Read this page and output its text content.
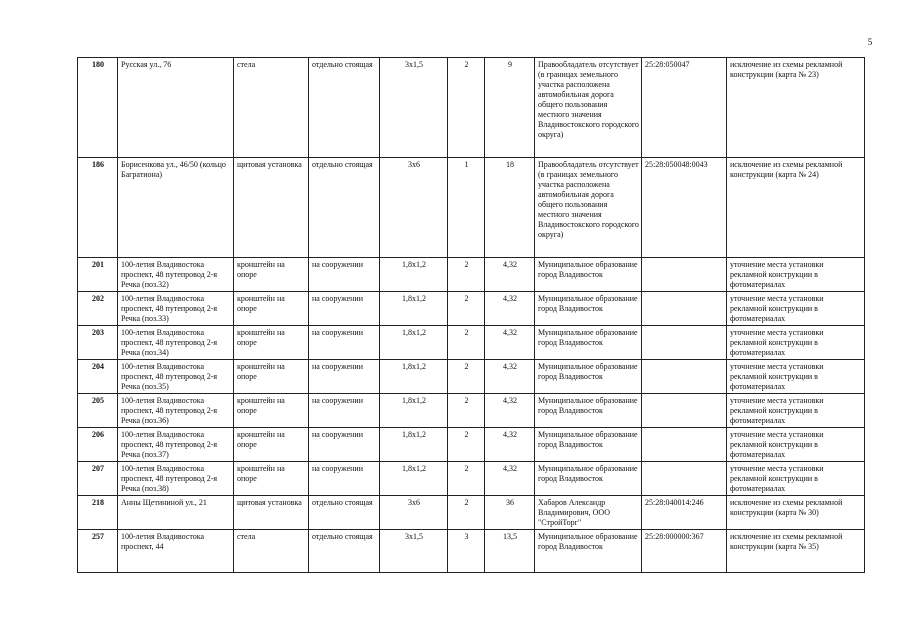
5
180	Русская ул., 76	стела	отдельно стоящая	3х1,5	2	9	Правообладатель отсутствует (в границах земельного участка расположена автомобильная дорога общего пользования местного значения Владивостокского городского округа)	25:28:050047	исключение из схемы рекламной конструкции (карта № 23)
186	Борисенкова ул., 46/50 (кольцо Багратиона)	щитовая установка	отдельно стоящая	3х6	1	18	Правообладатель отсутствует (в границах земельного участка расположена автомобильная дорога общего пользования местного значения Владивостокского городского округа)	25:28:050048:0043	исключение из схемы рекламной конструкции (карта № 24)
201	100-летия Владивостока проспект, 48 путепровод 2-я Речка (поз.32)	кронштейн на опоре	на сооружении	1,8х1,2	2	4,32	Муниципальное образование город Владивосток		уточнение места установки рекламной конструкции в фотоматериалах
202	100-летия Владивостока проспект, 48 путепровод 2-я Речка (поз.33)	кронштейн на опоре	на сооружении	1,8х1,2	2	4,32	Муниципальное образование город Владивосток		уточнение места установки рекламной конструкции в фотоматериалах
203	100-летия Владивостока проспект, 48 путепровод 2-я Речка (поз.34)	кронштейн на опоре	на сооружении	1,8х1,2	2	4,32	Муниципальное образование город Владивосток		уточнение места установки рекламной конструкции в фотоматериалах
204	100-летия Владивостока проспект, 48 путепровод 2-я Речка (поз.35)	кронштейн на опоре	на сооружении	1,8х1,2	2	4,32	Муниципальное образование город Владивосток		уточнение места установки рекламной конструкции в фотоматериалах
205	100-летия Владивостока проспект, 48 путепровод 2-я Речка (поз.36)	кронштейн на опоре	на сооружении	1,8х1,2	2	4,32	Муниципальное образование город Владивосток		уточнение места установки рекламной конструкции в фотоматериалах
206	100-летия Владивостока проспект, 48 путепровод 2-я Речка (поз.37)	кронштейн на опоре	на сооружении	1,8х1,2	2	4,32	Муниципальное образование город Владивосток		уточнение места установки рекламной конструкции в фотоматериалах
207	100-летия Владивостока проспект, 48 путепровод 2-я Речка (поз.38)	кронштейн на опоре	на сооружении	1,8х1,2	2	4,32	Муниципальное образование город Владивосток		уточнение места установки рекламной конструкции в фотоматериалах
218	Анны Щетининой ул., 21	щитовая установка	отдельно стоящая	3х6	2	36	Хабаров Александр Владимирович, ООО "СтройТорг"	25:28:040014:246	исключение из схемы рекламной конструкции (карта № 30)
257	100-летия Владивостока проспект, 44	стела	отдельно стоящая	3х1,5	3	13,5	Муниципальное образование город Владивосток	25:28:000000:367	исключение из схемы рекламной конструкции (карта № 35)
